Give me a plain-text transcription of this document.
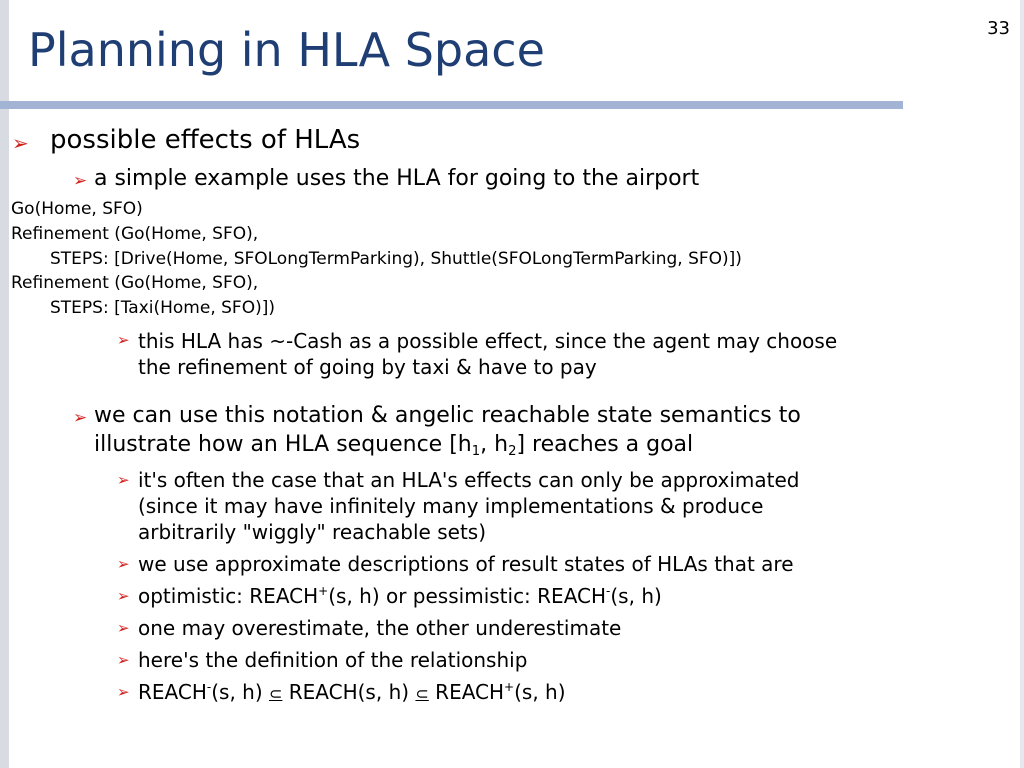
Planning in HLA Space	33
➢ possible effects of HLAs
➢ a simple example uses the HLA for going to the airport
Go(Home, SFO)
Refinement (Go(Home, SFO),
STEPS: [Drive(Home, SFOLongTermParking), Shuttle(SFOLongTermParking, SFO)])
Refinement (Go(Home, SFO),
STEPS: [Taxi(Home, SFO)])
➢ this HLA has ~-Cash as a possible effect, since the agent may choose
the refinement of going by taxi & have to pay
➢ we can use this notation & angelic reachable state semantics to
illustrate how an HLA sequence [$h_1$, $h_2$] reaches a goal
➢ it's often the case that an HLA's effects can only be approximated
(since it may have infinitely many implementations & produce
arbitrarily "wiggly" reachable sets)
➢ we use approximate descriptions of result states of HLAs that are
➢ optimistic: REACH+(s, h) or pessimistic: REACH-(s, h)
➢ one may overestimate, the other underestimate
➢ here's the definition of the relationship
➢ REACH-(s, h) ⊂ REACH(s, h) ⊂ REACH+(s, h)
